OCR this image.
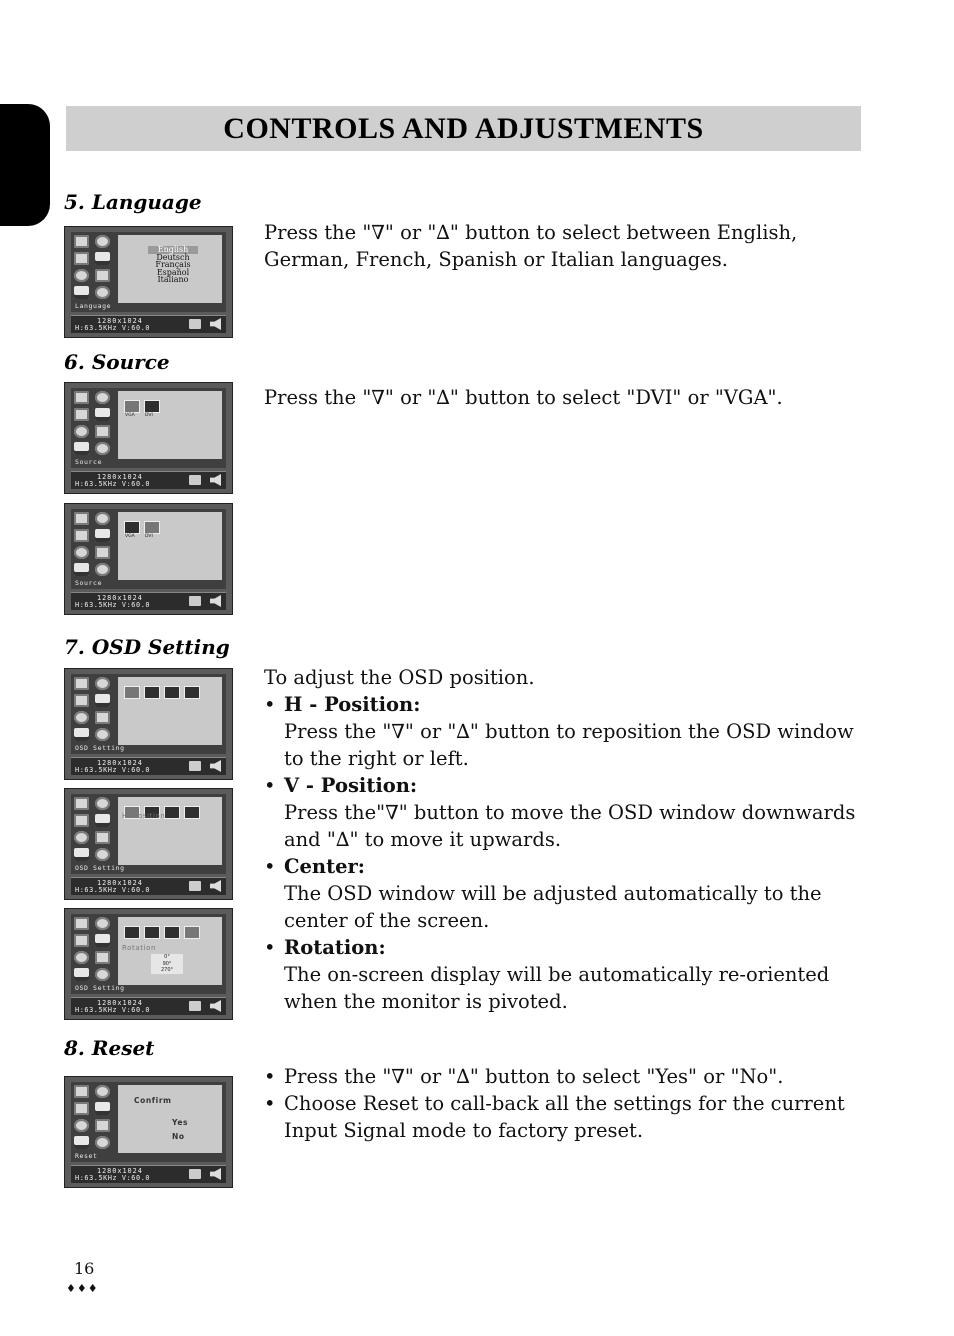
CONTROLS AND ADJUSTMENTS
5. Language

Press the "∇" or "∆" button to select between English, German, French, Spanish or Italian languages.

English
Deutsch
Français
Español
Italiano
Language
1280x1024
H:63.5KHz V:60.0
6. Source

Press the "∇" or "∆" button to select "DVI" or "VGA".

VGA	DVI
Source
1280x1024
H:63.5KHz V:60.0
VGA	DVI
Source
1280x1024
H:63.5KHz V:60.0
7. OSD Setting

To adjust the OSD position.

• H - Position:

Press the "∇" or "∆" button to reposition the OSD window to the right or left.

• V - Position:

Press the"∇" button to move the OSD window downwards and "∆" to move it upwards.

• Center:

The OSD window will be adjusted automatically to the center of the screen.

• Rotation:

The on-screen display will be automatically re-oriented when the monitor is pivoted.

OSD Setting
1280x1024
H:63.5KHz V:60.0
H. Position
OSD Setting
1280x1024
H:63.5KHz V:60.0
Rotation
0°
90°
270°
OSD Setting
1280x1024
H:63.5KHz V:60.0
8. Reset
• Press the "∇" or "∆" button to select "Yes" or "No".
• Choose Reset to call-back all the settings for the current Input Signal mode to factory preset.
Confirm
Yes
No
Reset
1280x1024
H:63.5KHz V:60.0
16
♦♦♦
